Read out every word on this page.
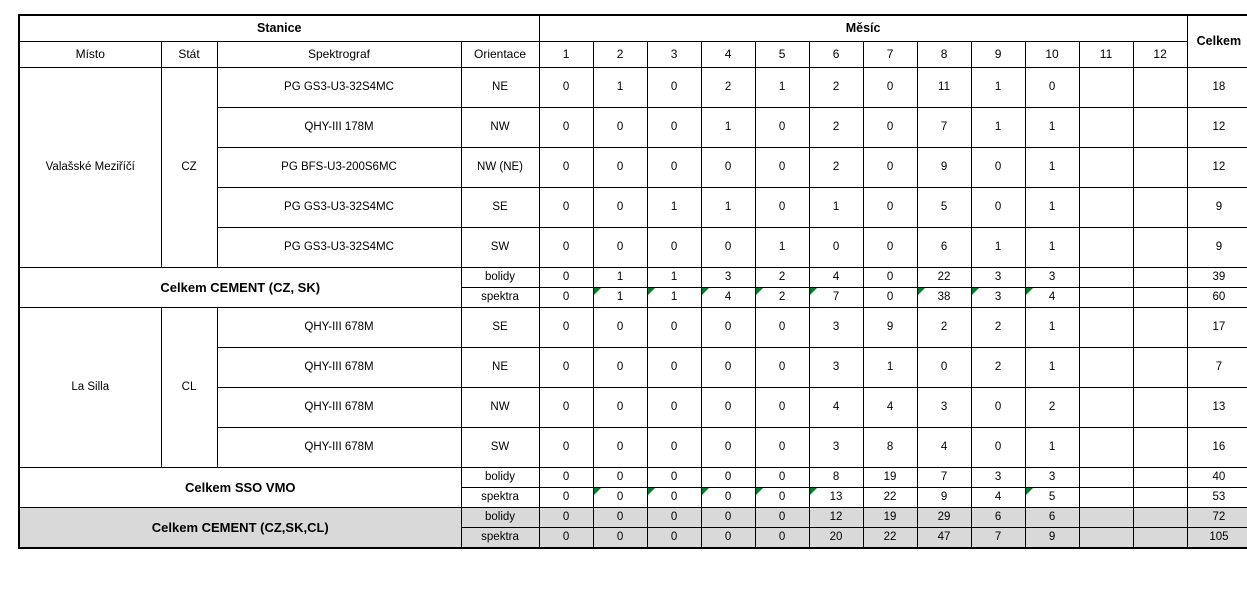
Stanice				Měsíc												Celkem
Místo	Stát	Spektrograf	Orientace	1	2	3	4	5	6	7	8	9	10	11	12	
Valašské Meziříčí	CZ	PG GS3-U3-32S4MC	NE	0	1	0	2	1	2	0	11	1	0			18
		QHY-III 178M	NW	0	0	0	1	0	2	0	7	1	1			12
		PG BFS-U3-200S6MC	NW (NE)	0	0	0	0	0	2	0	9	0	1			12
		PG GS3-U3-32S4MC	SE	0	0	1	1	0	1	0	5	0	1			9
		PG GS3-U3-32S4MC	SW	0	0	0	0	1	0	0	6	1	1			9
Celkem CEMENT (CZ, SK)			bolidy	0	1	1	3	2	4	0	22	3	3			39
			spektra	0	1	1	4	2	7	0	38	3	4			60
La Silla	CL	QHY-III 678M	SE	0	0	0	0	0	3	9	2	2	1			17
		QHY-III 678M	NE	0	0	0	0	0	3	1	0	2	1			7
		QHY-III 678M	NW	0	0	0	0	0	4	4	3	0	2			13
		QHY-III 678M	SW	0	0	0	0	0	3	8	4	0	1			16
Celkem SSO VMO			bolidy	0	0	0	0	0	8	19	7	3	3			40
			spektra	0	0	0	0	0	13	22	9	4	5			53
Celkem CEMENT (CZ,SK,CL)			bolidy	0	0	0	0	0	12	19	29	6	6			72
			spektra	0	0	0	0	0	20	22	47	7	9			105
